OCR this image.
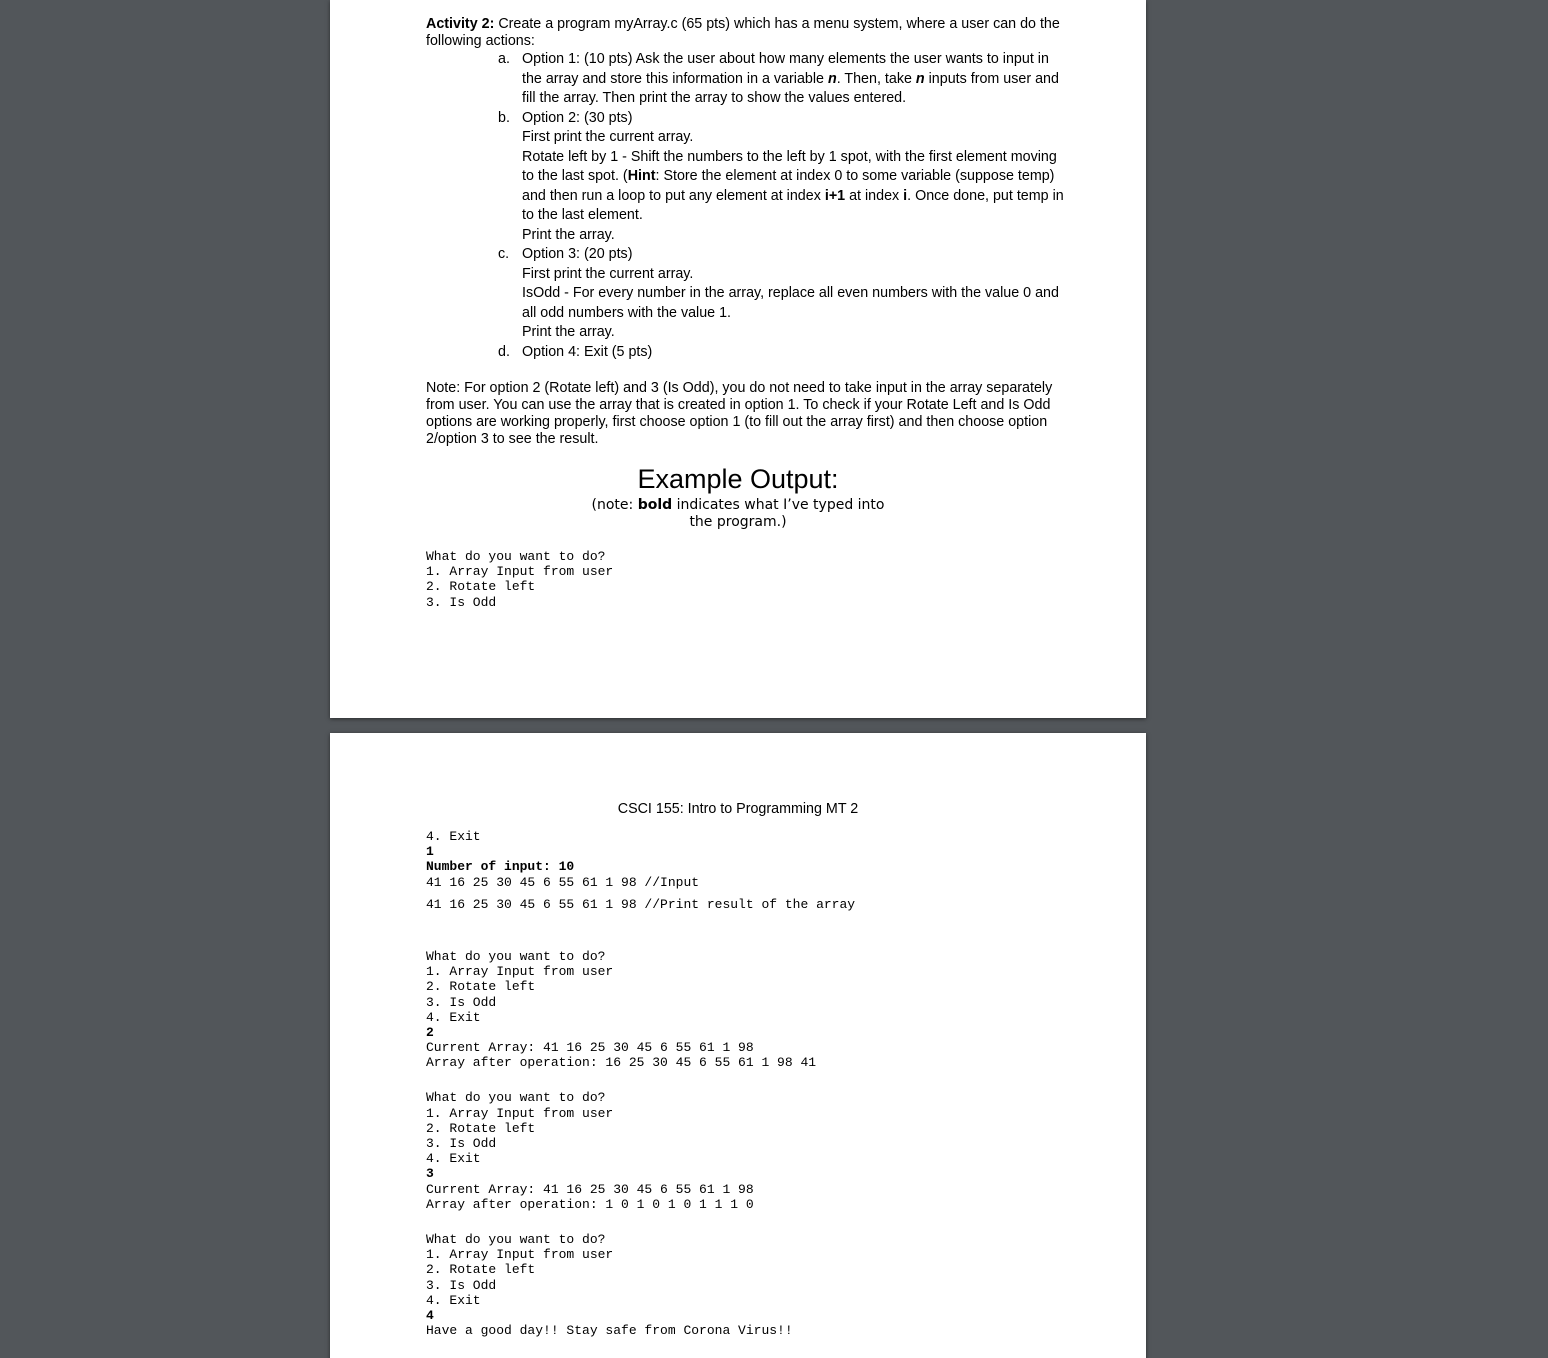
Activity 2: Create a program myArray.c (65 pts) which has a menu system, where a user can do the following actions:
a. Option 1: (10 pts) Ask the user about how many elements the user wants to input in the array and store this information in a variable n. Then, take n inputs from user and fill the array. Then print the array to show the values entered.
b. Option 2: (30 pts)
First print the current array.
Rotate left by 1 - Shift the numbers to the left by 1 spot, with the first element moving to the last spot. (Hint: Store the element at index 0 to some variable (suppose temp) and then run a loop to put any element at index i+1 at index i. Once done, put temp in to the last element.
Print the array.
c. Option 3: (20 pts)
First print the current array.
IsOdd - For every number in the array, replace all even numbers with the value 0 and all odd numbers with the value 1.
Print the array.
d. Option 4: Exit (5 pts)
Note: For option 2 (Rotate left) and 3 (Is Odd), you do not need to take input in the array separately from user. You can use the array that is created in option 1. To check if your Rotate Left and Is Odd options are working properly, first choose option 1 (to fill out the array first) and then choose option 2/option 3 to see the result.
Example Output:
(note: bold indicates what I’ve typed into the program.)
What do you want to do?
1. Array Input from user
2. Rotate left
3. Is Odd
CSCI 155: Intro to Programming MT 2
4. Exit
1
Number of input: 10
41 16 25 30 45 6 55 61 1 98 //Input
41 16 25 30 45 6 55 61 1 98 //Print result of the array
What do you want to do?
1. Array Input from user
2. Rotate left
3. Is Odd
4. Exit
2
Current Array: 41 16 25 30 45 6 55 61 1 98
Array after operation: 16 25 30 45 6 55 61 1 98 41
What do you want to do?
1. Array Input from user
2. Rotate left
3. Is Odd
4. Exit
3
Current Array: 41 16 25 30 45 6 55 61 1 98
Array after operation: 1 0 1 0 1 0 1 1 1 0
What do you want to do?
1. Array Input from user
2. Rotate left
3. Is Odd
4. Exit
4
Have a good day!! Stay safe from Corona Virus!!
